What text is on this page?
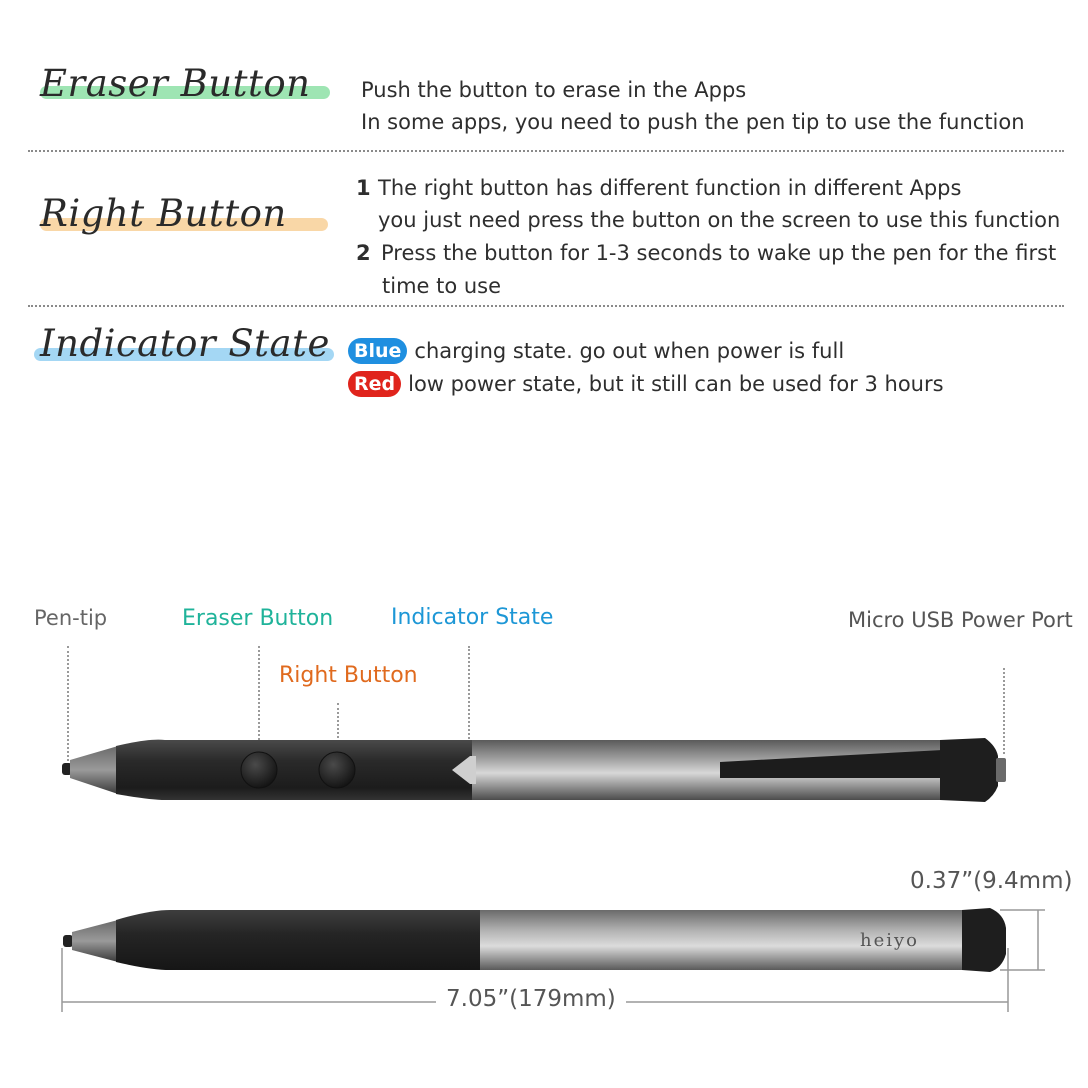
Eraser Button Push the button to erase in the Apps
In some apps, you need to push the pen tip to use the function
Right Button
1 The right button has different function in different Apps
you just need press the button on the screen to use this function
2 Press the button for 1-3 seconds to wake up the pen for the first
time to use
Indicator State	Blue charging state. go out when power is full
Red low power state, but it still can be used for 3 hours
Pen-tip	Eraser Button	Indicator State
Right Button
Micro USB Power Port
0.37”(9.4mm)
heiyo
7.05”(179mm)
